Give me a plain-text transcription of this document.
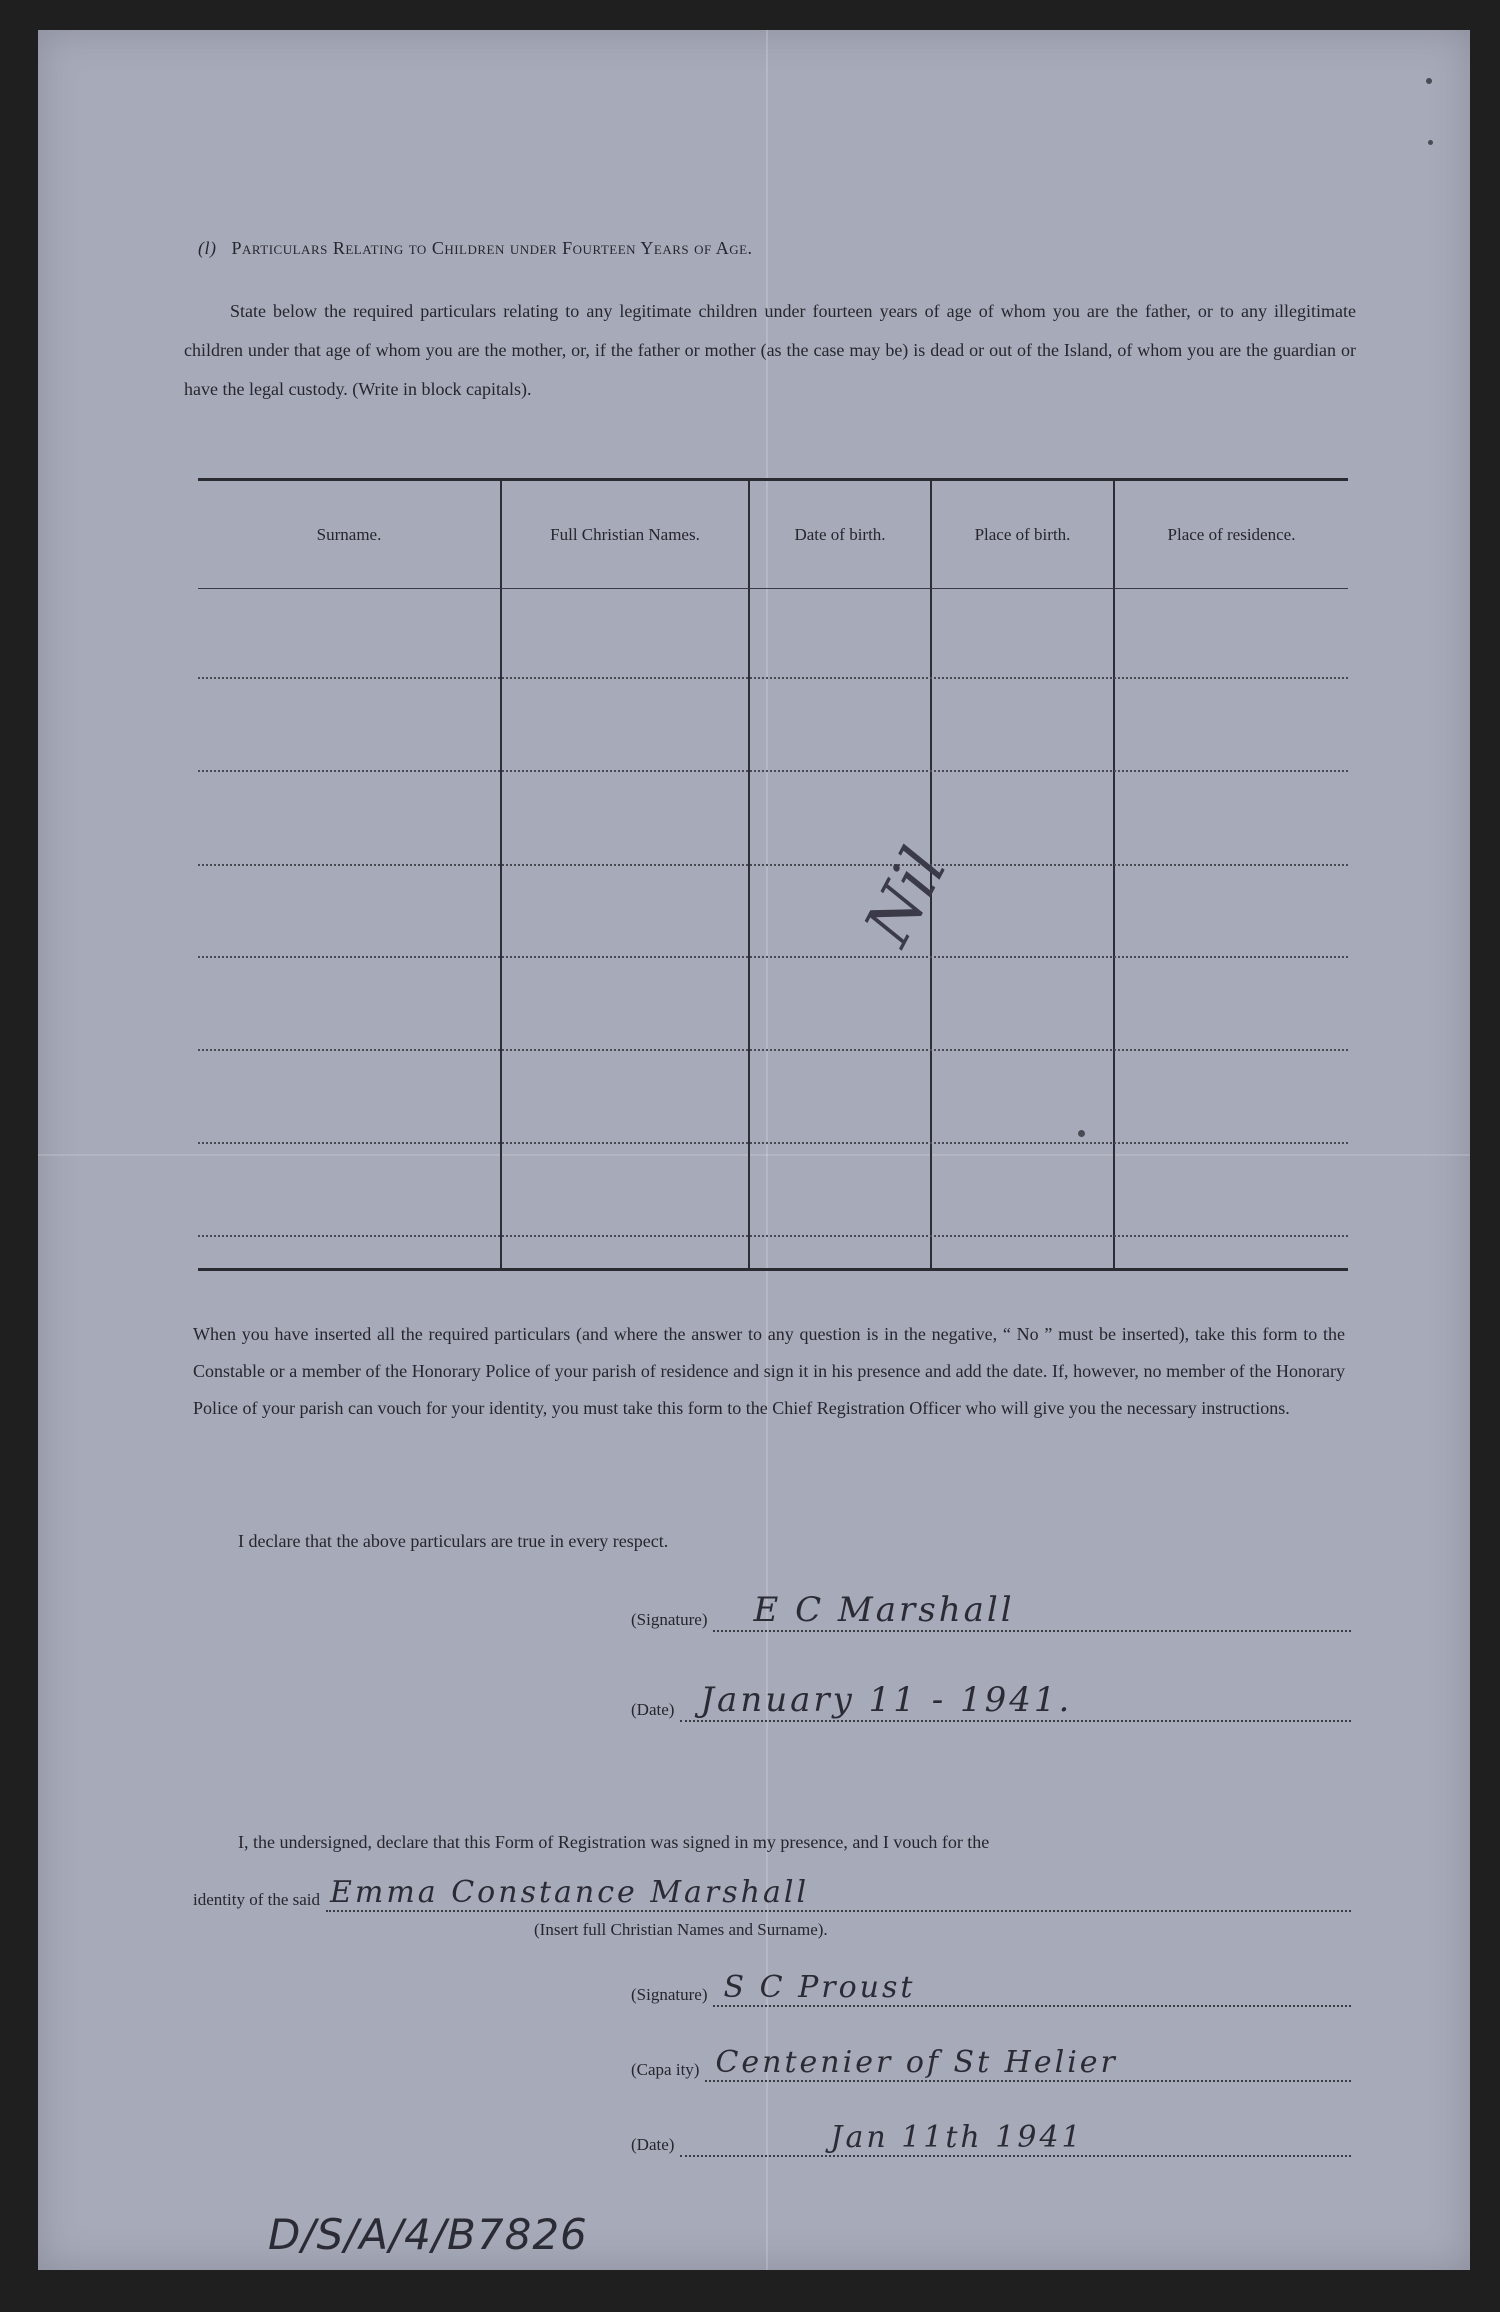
(l) Particulars Relating to Children under Fourteen Years of Age.
State below the required particulars relating to any legitimate children under fourteen years of age of whom you are the father, or to any illegitimate children under that age of whom you are the mother, or, if the father or mother (as the case may be) is dead or out of the Island, of whom you are the guardian or have the legal custody. (Write in block capitals).
Surname.	Full Christian Names.	Date of birth.	Place of birth.	Place of residence.
Nil
When you have inserted all the required particulars (and where the answer to any question is in the negative, “ No ” must be inserted), take this form to the Constable or a member of the Honorary Police of your parish of residence and sign it in his presence and add the date. If, however, no member of the Honorary Police of your parish can vouch for your identity, you must take this form to the Chief Registration Officer who will give you the necessary instructions.
I declare that the above particulars are true in every respect.
(Signature) E C Marshall
(Date) January 11 - 1941.
I, the undersigned, declare that this Form of Registration was signed in my presence, and I vouch for the
identity of the said Emma Constance Marshall
(Insert full Christian Names and Surname).
(Signature) S C Proust
(Capa ity) Centenier of St Helier
(Date)	Jan 11th 1941
D/S/A/4/B7826
